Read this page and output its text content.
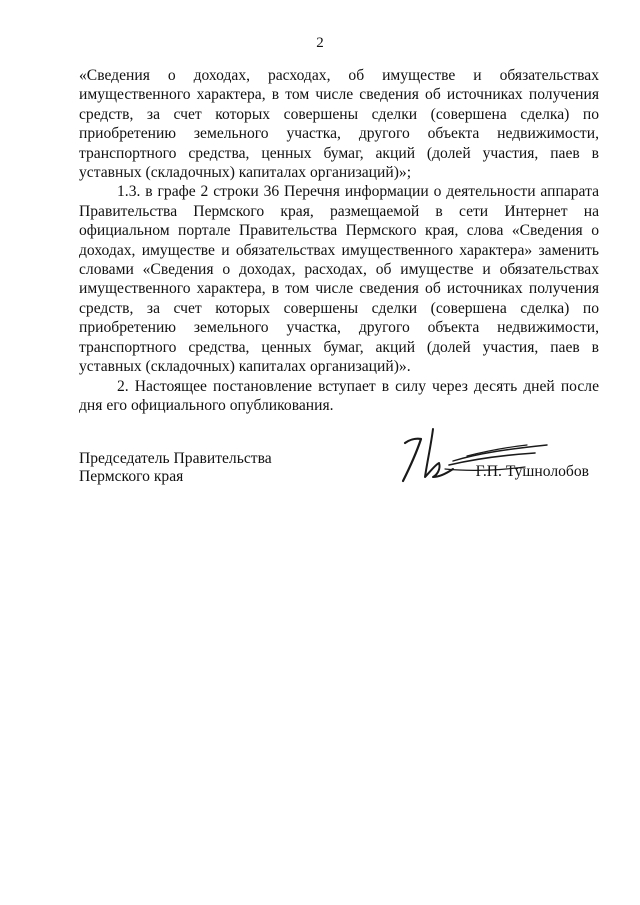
2

«Сведения о доходах, расходах, об имуществе и обязательствах имущественного характера, в том числе сведения об источниках получения средств, за счет которых совершены сделки (совершена сделка) по приобретению земельного участка, другого объекта недвижимости, транспортного средства, ценных бумаг, акций (долей участия, паев в уставных (складочных) капиталах организаций)»;

1.3. в графе 2 строки 36 Перечня информации о деятельности аппарата Правительства Пермского края, размещаемой в сети Интернет на официальном портале Правительства Пермского края, слова «Сведения о доходах, имуществе и обязательствах имущественного характера» заменить словами «Сведения о доходах, расходах, об имуществе и обязательствах имущественного характера, в том числе сведения об источниках получения средств, за счет которых совершены сделки (совершена сделка) по приобретению земельного участка, другого объекта недвижимости, транспортного средства, ценных бумаг, акций (долей участия, паев в уставных (складочных) капиталах организаций)».

2. Настоящее постановление вступает в силу через десять дней после дня его официального опубликования.

Председатель Правительства
Пермского края	Г.П. Тушнолобов
